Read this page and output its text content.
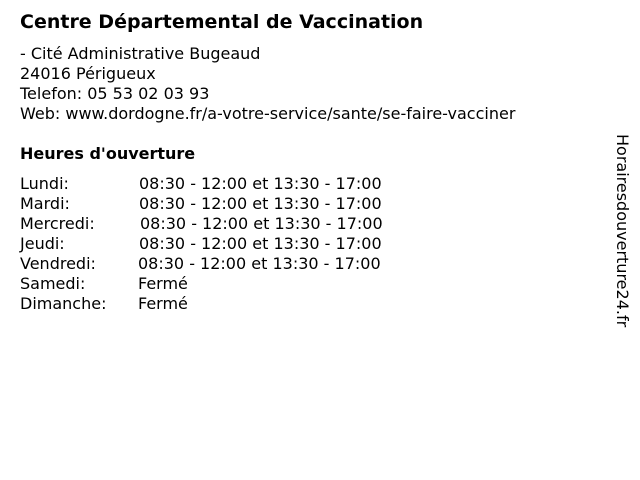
Centre Départemental de Vaccination
- Cité Administrative Bugeaud
24016 Périgueux
Telefon: 05 53 02 03 93
Web: www.dordogne.fr/a-votre-service/sante/se-faire-vacciner
Heures d'ouverture
Lundi:	08:30 - 12:00 et 13:30 - 17:00
Mardi:	08:30 - 12:00 et 13:30 - 17:00
Mercredi:	08:30 - 12:00 et 13:30 - 17:00
Jeudi:	08:30 - 12:00 et 13:30 - 17:00
Vendredi:	08:30 - 12:00 et 13:30 - 17:00
Samedi:	Fermé
Dimanche: Fermé	Horairesdouverture24.fr
